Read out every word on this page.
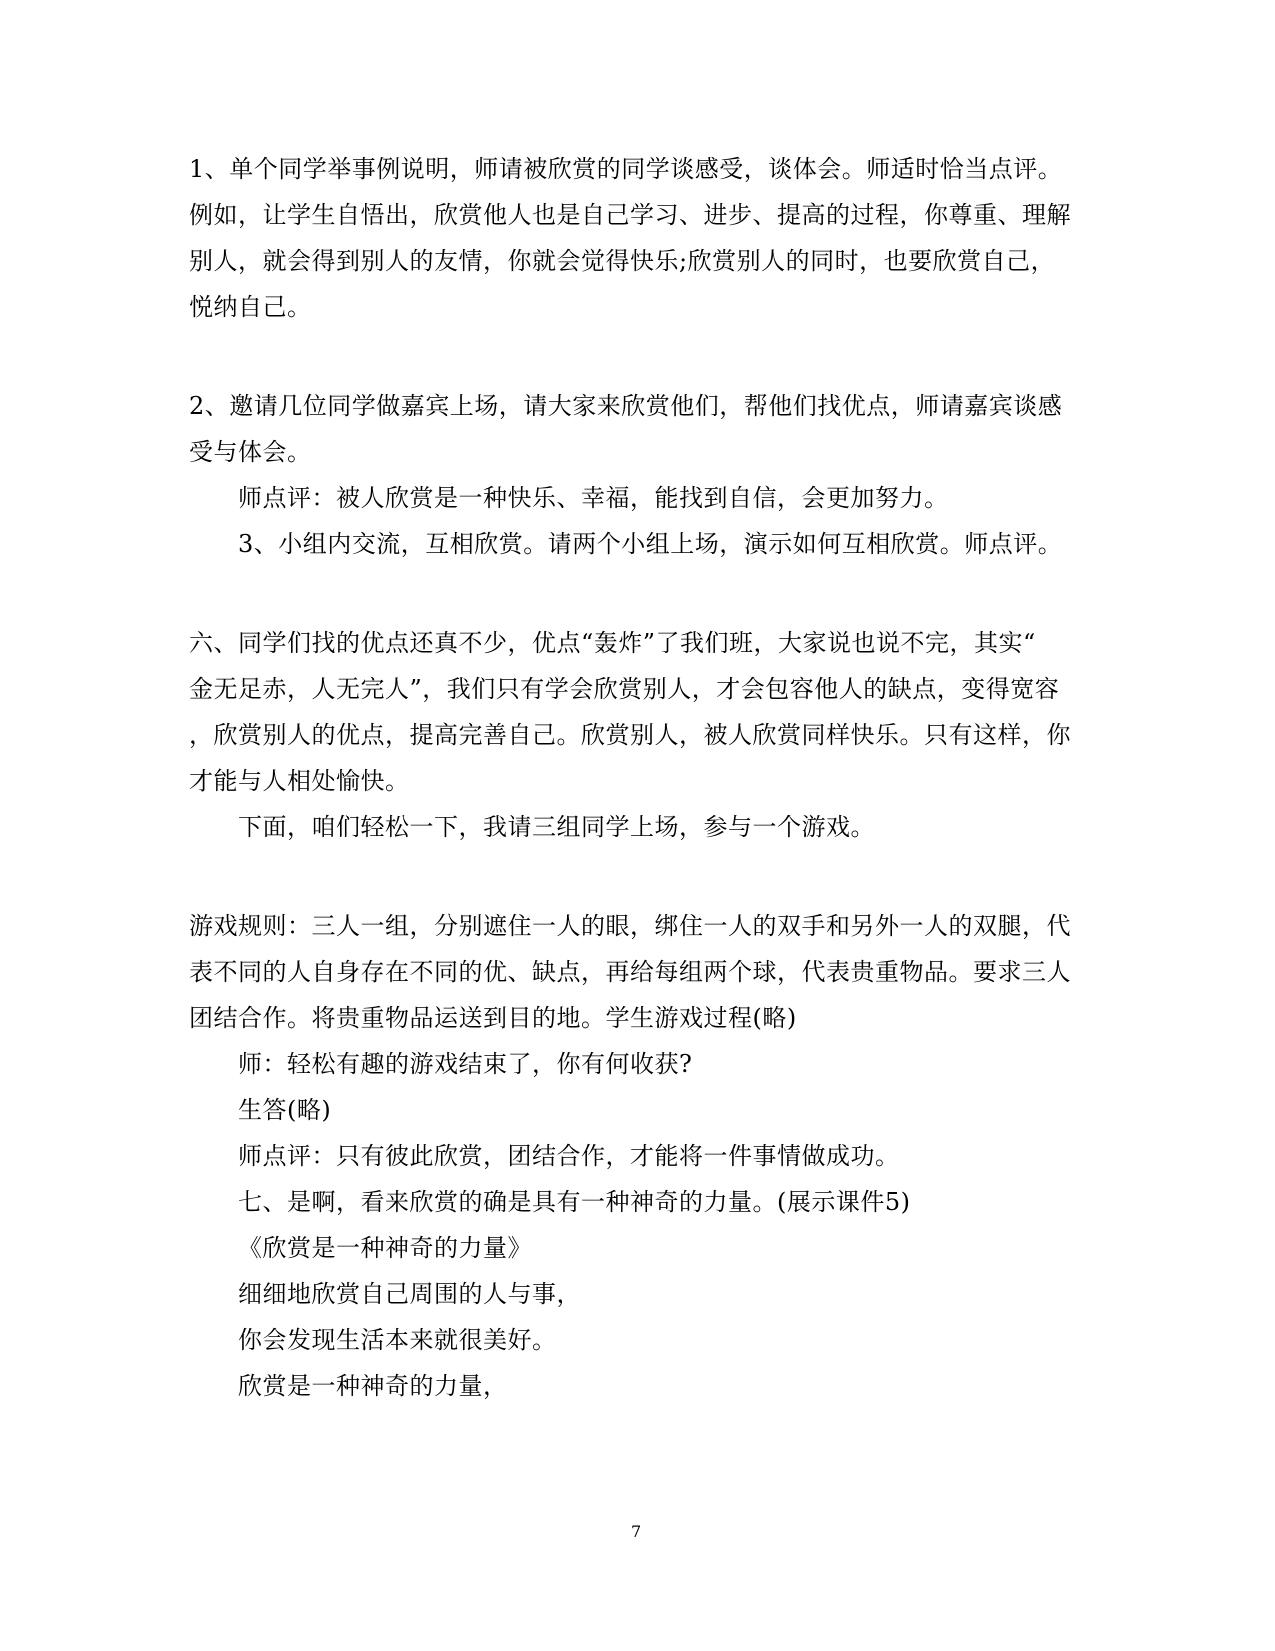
1、单个同学举事例说明，师请被欣赏的同学谈感受，谈体会。师适时恰当点评。
例如，让学生自悟出，欣赏他人也是自己学习、进步、提高的过程，你尊重、理解
别人，就会得到别人的友情，你就会觉得快乐;欣赏别人的同时，也要欣赏自己，
悦纳自己。
2、邀请几位同学做嘉宾上场，请大家来欣赏他们，帮他们找优点，师请嘉宾谈感
受与体会。
师点评：被人欣赏是一种快乐、幸福，能找到自信，会更加努力。
3、小组内交流，互相欣赏。请两个小组上场，演示如何互相欣赏。师点评。
六、同学们找的优点还真不少，优点“轰炸”了我们班，大家说也说不完，其实“
金无足赤，人无完人”，我们只有学会欣赏别人，才会包容他人的缺点，变得宽容
，欣赏别人的优点，提高完善自己。欣赏别人，被人欣赏同样快乐。只有这样，你
才能与人相处愉快。
下面，咱们轻松一下，我请三组同学上场，参与一个游戏。
游戏规则：三人一组，分别遮住一人的眼，绑住一人的双手和另外一人的双腿，代
表不同的人自身存在不同的优、缺点，再给每组两个球，代表贵重物品。要求三人
团结合作。将贵重物品运送到目的地。学生游戏过程(略)
师：轻松有趣的游戏结束了，你有何收获?
生答(略)
师点评：只有彼此欣赏，团结合作，才能将一件事情做成功。
七、是啊，看来欣赏的确是具有一种神奇的力量。(展示课件5)
《欣赏是一种神奇的力量》
细细地欣赏自己周围的人与事，
你会发现生活本来就很美好。
欣赏是一种神奇的力量，
7
